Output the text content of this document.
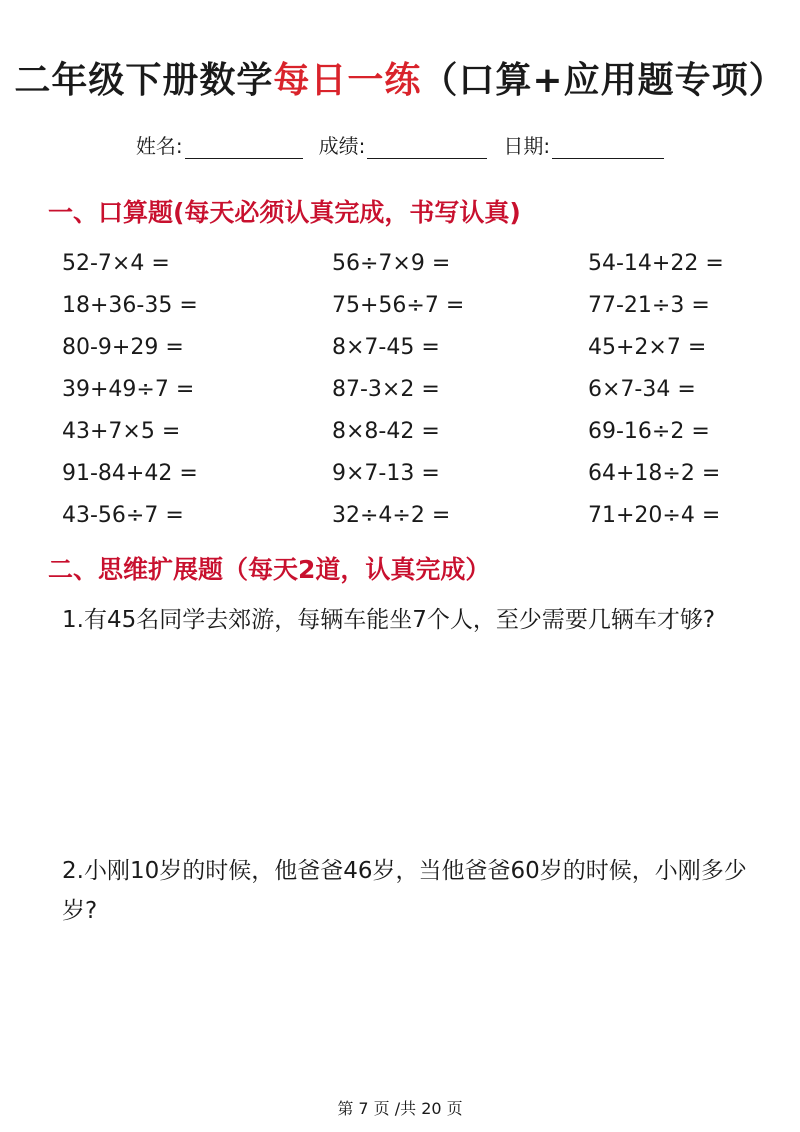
二年级下册数学每日一练（口算+应用题专项）
姓名:	成绩:	日期:
一、口算题(每天必须认真完成，书写认真)
52-7×4 =	56÷7×9 =	54-14+22 =
18+36-35 =	75+56÷7 =	77-21÷3 =
80-9+29 =	8×7-45 =	45+2×7 =
39+49÷7 =	87-3×2 =	6×7-34 =
43+7×5 =	8×8-42 =	69-16÷2 =
91-84+42 =	9×7-13 =	64+18÷2 =
43-56÷7 =	32÷4÷2 =	71+20÷4 =
二、思维扩展题（每天2道，认真完成）
1.有45名同学去郊游，每辆车能坐7个人，至少需要几辆车才够?
2.小刚10岁的时候，他爸爸46岁，当他爸爸60岁的时候，小刚多少岁?
第 7 页 /共 20 页
